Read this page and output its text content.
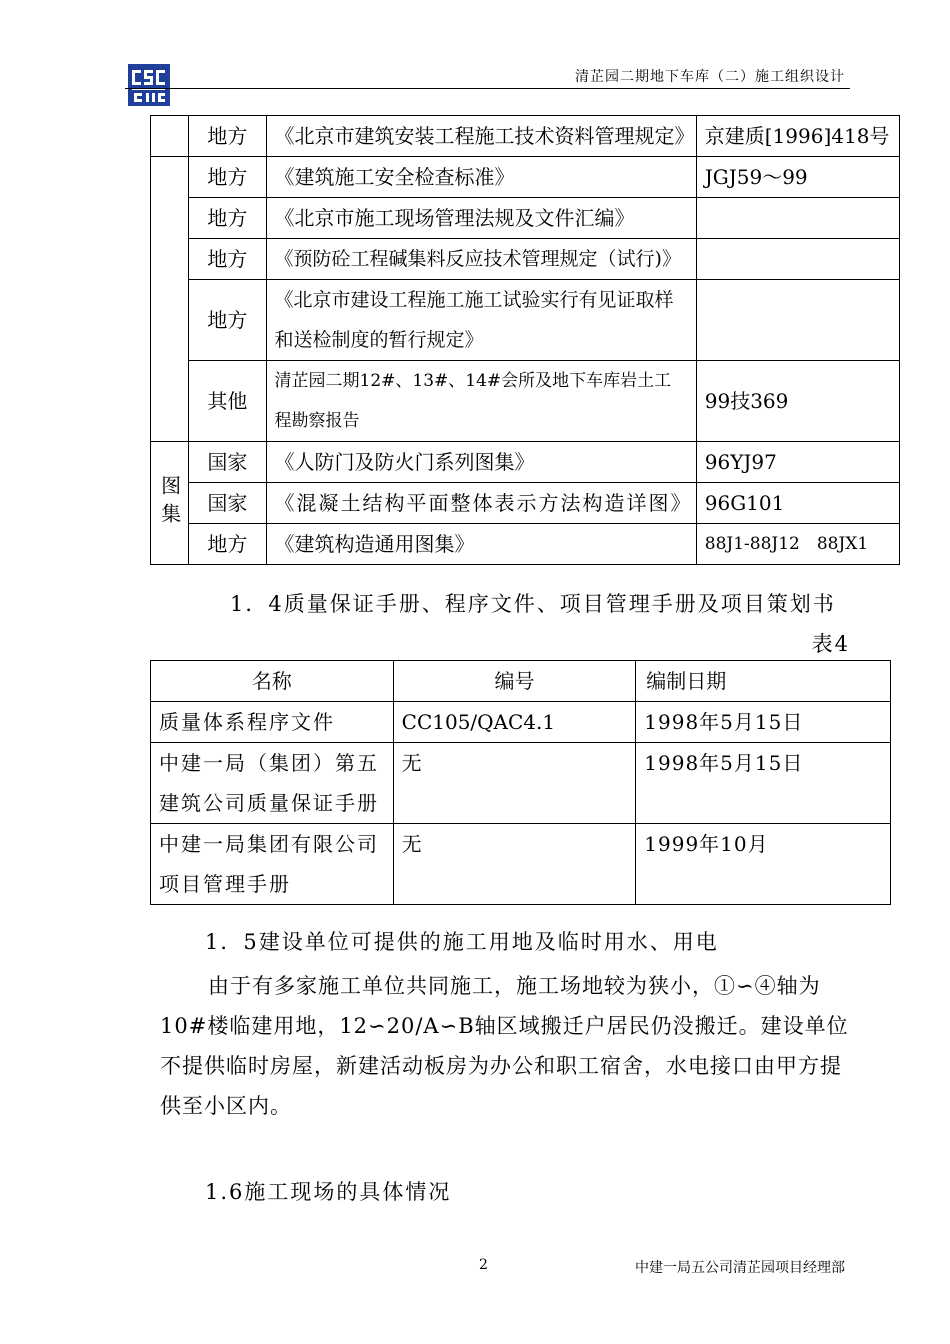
清芷园二期地下车库（二）施工组织设计
	地方	《北京市建筑安装工程施工技术资料管理规定》	京建质[1996]418号
	地方	《建筑施工安全检查标准》	JGJ59～99
	地方	《北京市施工现场管理法规及文件汇编》	
	地方	《预防砼工程碱集料反应技术管理规定（试行)》	
	地方	《北京市建设工程施工施工试验实行有见证取样和送检制度的暂行规定》	
	其他	清芷园二期12#、13#、14#会所及地下车库岩土工程勘察报告	99技369
图集	国家	《人防门及防火门系列图集》	96YJ97
	国家	《混凝土结构平面整体表示方法构造详图》	96G101
	地方	《建筑构造通用图集》	88J1-88J12　88JX1
1．4质量保证手册、程序文件、项目管理手册及项目策划书
表4
名称	编号	编制日期
质量体系程序文件	CC105/QAC4.1	1998年5月15日
中建一局（集团）第五建筑公司质量保证手册	无	1998年5月15日
中建一局集团有限公司项目管理手册	无	1999年10月
1．5建设单位可提供的施工用地及临时用水、用电
由于有多家施工单位共同施工，施工场地较为狭小，①∽④轴为10#楼临建用地，12∽20/A∽B轴区域搬迁户居民仍没搬迁。建设单位不提供临时房屋，新建活动板房为办公和职工宿舍，水电接口由甲方提供至小区内。
1.6施工现场的具体情况
2	中建一局五公司清芷园项目经理部
